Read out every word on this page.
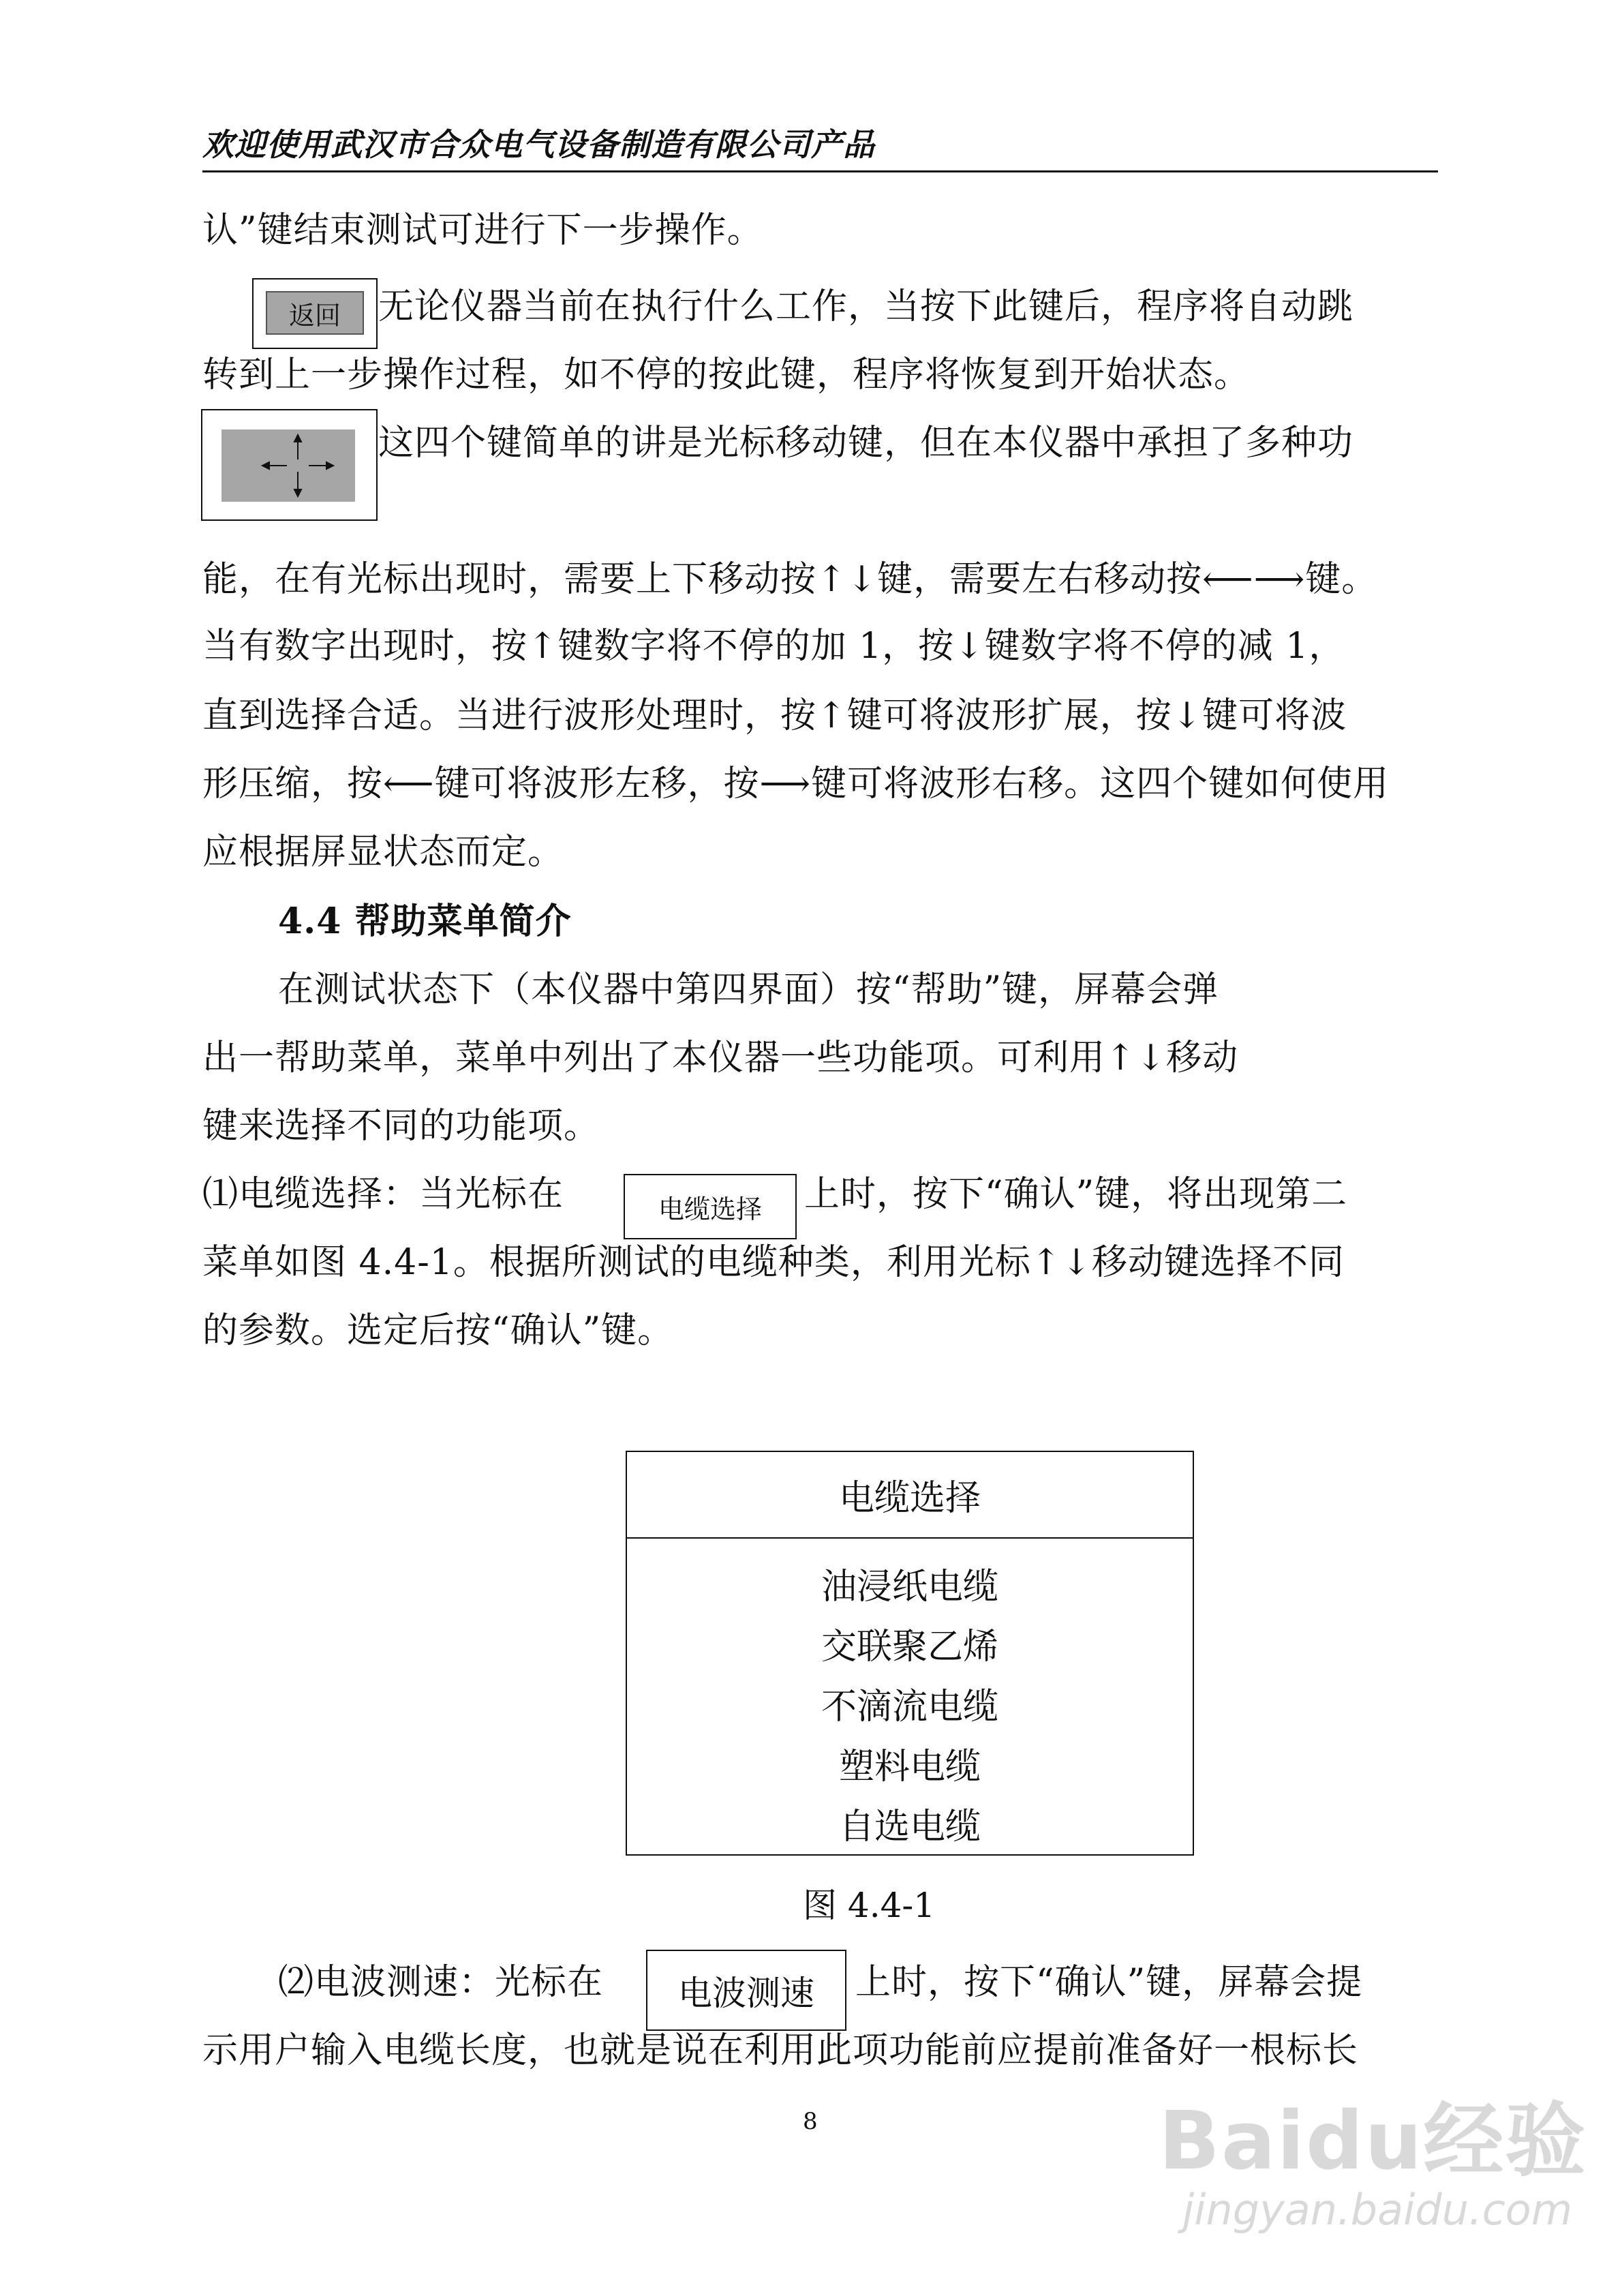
欢迎使用武汉市合众电气设备制造有限公司产品
认”键结束测试可进行下一步操作。
返回	无论仪器当前在执行什么工作，当按下此键后，程序将自动跳
转到上一步操作过程，如不停的按此键，程序将恢复到开始状态。
这四个键简单的讲是光标移动键，但在本仪器中承担了多种功
能，在有光标出现时，需要上下移动按↑↓键，需要左右移动按⟵⟶键。
当有数字出现时，按↑键数字将不停的加 1，按↓键数字将不停的减 1，
直到选择合适。当进行波形处理时，按↑键可将波形扩展，按↓键可将波
形压缩，按⟵键可将波形左移，按⟶键可将波形右移。这四个键如何使用
应根据屏显状态而定。
4.4 帮助菜单简介
在测试状态下（本仪器中第四界面）按“帮助”键，屏幕会弹
出一帮助菜单，菜单中列出了本仪器一些功能项。可利用↑↓移动
键来选择不同的功能项。
⑴电缆选择：当光标在	电缆选择	上时，按下“确认”键，将出现第二
菜单如图 4.4-1。根据所测试的电缆种类，利用光标↑↓移动键选择不同
的参数。选定后按“确认”键。
电缆选择
油浸纸电缆
交联聚乙烯
不滴流电缆
塑料电缆
自选电缆
图 4.4-1
⑵电波测速：光标在	电波测速	上时，按下“确认”键，屏幕会提
示用户输入电缆长度，也就是说在利用此项功能前应提前准备好一根标长
8	Baidu经验
jingyan.baidu.com
